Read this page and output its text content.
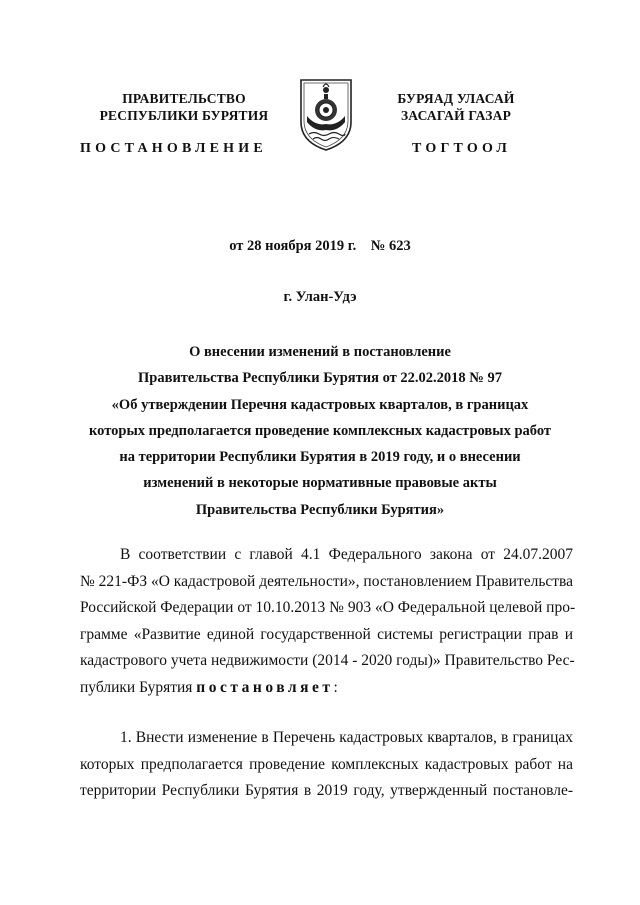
ПРАВИТЕЛЬСТВО
РЕСПУБЛИКИ БУРЯТИЯ
БУРЯАД УЛАСАЙ
ЗАСАГАЙ ГАЗАР
ПОСТАНОВЛЕНИЕ	ТОГТООЛ
от 28 ноября 2019 г.    № 623
г. Улан-Удэ
О внесении изменений в постановление
Правительства Республики Бурятия от 22.02.2018 № 97
«Об утверждении Перечня кадастровых кварталов, в границах
которых предполагается проведение комплексных кадастровых работ
на территории Республики Бурятия в 2019 году, и о внесении
изменений в некоторые нормативные правовые акты
Правительства Республики Бурятия»
В соответствии с главой 4.1 Федерального закона от 24.07.2007
№ 221-ФЗ «О кадастровой деятельности», постановлением Правительства
Российской Федерации от 10.10.2013 № 903 «О Федеральной целевой про-
грамме «Развитие единой государственной системы регистрации прав и
кадастрового учета недвижимости (2014 - 2020 годы)» Правительство Рес-
публики Бурятия постановляет:
1. Внести изменение в Перечень кадастровых кварталов, в границах
которых предполагается проведение комплексных кадастровых работ на
территории Республики Бурятия в 2019 году, утвержденный постановле-
